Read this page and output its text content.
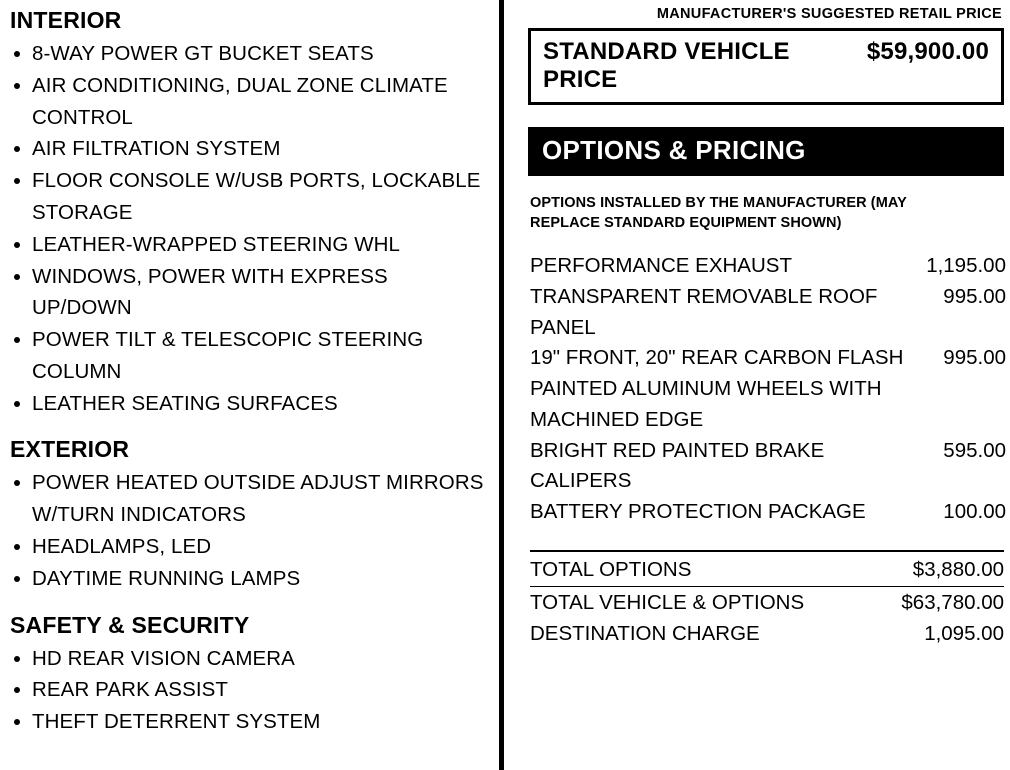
INTERIOR
8-WAY POWER GT BUCKET SEATS
AIR CONDITIONING, DUAL ZONE CLIMATE CONTROL
AIR FILTRATION SYSTEM
FLOOR CONSOLE W/USB PORTS, LOCKABLE STORAGE
LEATHER-WRAPPED STEERING WHL
WINDOWS, POWER WITH EXPRESS UP/DOWN
POWER TILT & TELESCOPIC STEERING COLUMN
LEATHER SEATING SURFACES
EXTERIOR
POWER HEATED OUTSIDE ADJUST MIRRORS W/TURN INDICATORS
HEADLAMPS, LED
DAYTIME RUNNING LAMPS
SAFETY & SECURITY
HD REAR VISION CAMERA
REAR PARK ASSIST
THEFT DETERRENT SYSTEM
MANUFACTURER'S SUGGESTED RETAIL PRICE
STANDARD VEHICLE PRICE
$59,900.00
OPTIONS & PRICING
OPTIONS INSTALLED BY THE MANUFACTURER (MAY REPLACE STANDARD EQUIPMENT SHOWN)
PERFORMANCE EXHAUST	1,195.00
TRANSPARENT REMOVABLE ROOF PANEL	995.00
19" FRONT, 20" REAR CARBON FLASH PAINTED ALUMINUM WHEELS WITH MACHINED EDGE	995.00
BRIGHT RED PAINTED BRAKE CALIPERS	595.00
BATTERY PROTECTION PACKAGE	100.00
TOTAL OPTIONS	$3,880.00
TOTAL VEHICLE & OPTIONS	$63,780.00
DESTINATION CHARGE	1,095.00
